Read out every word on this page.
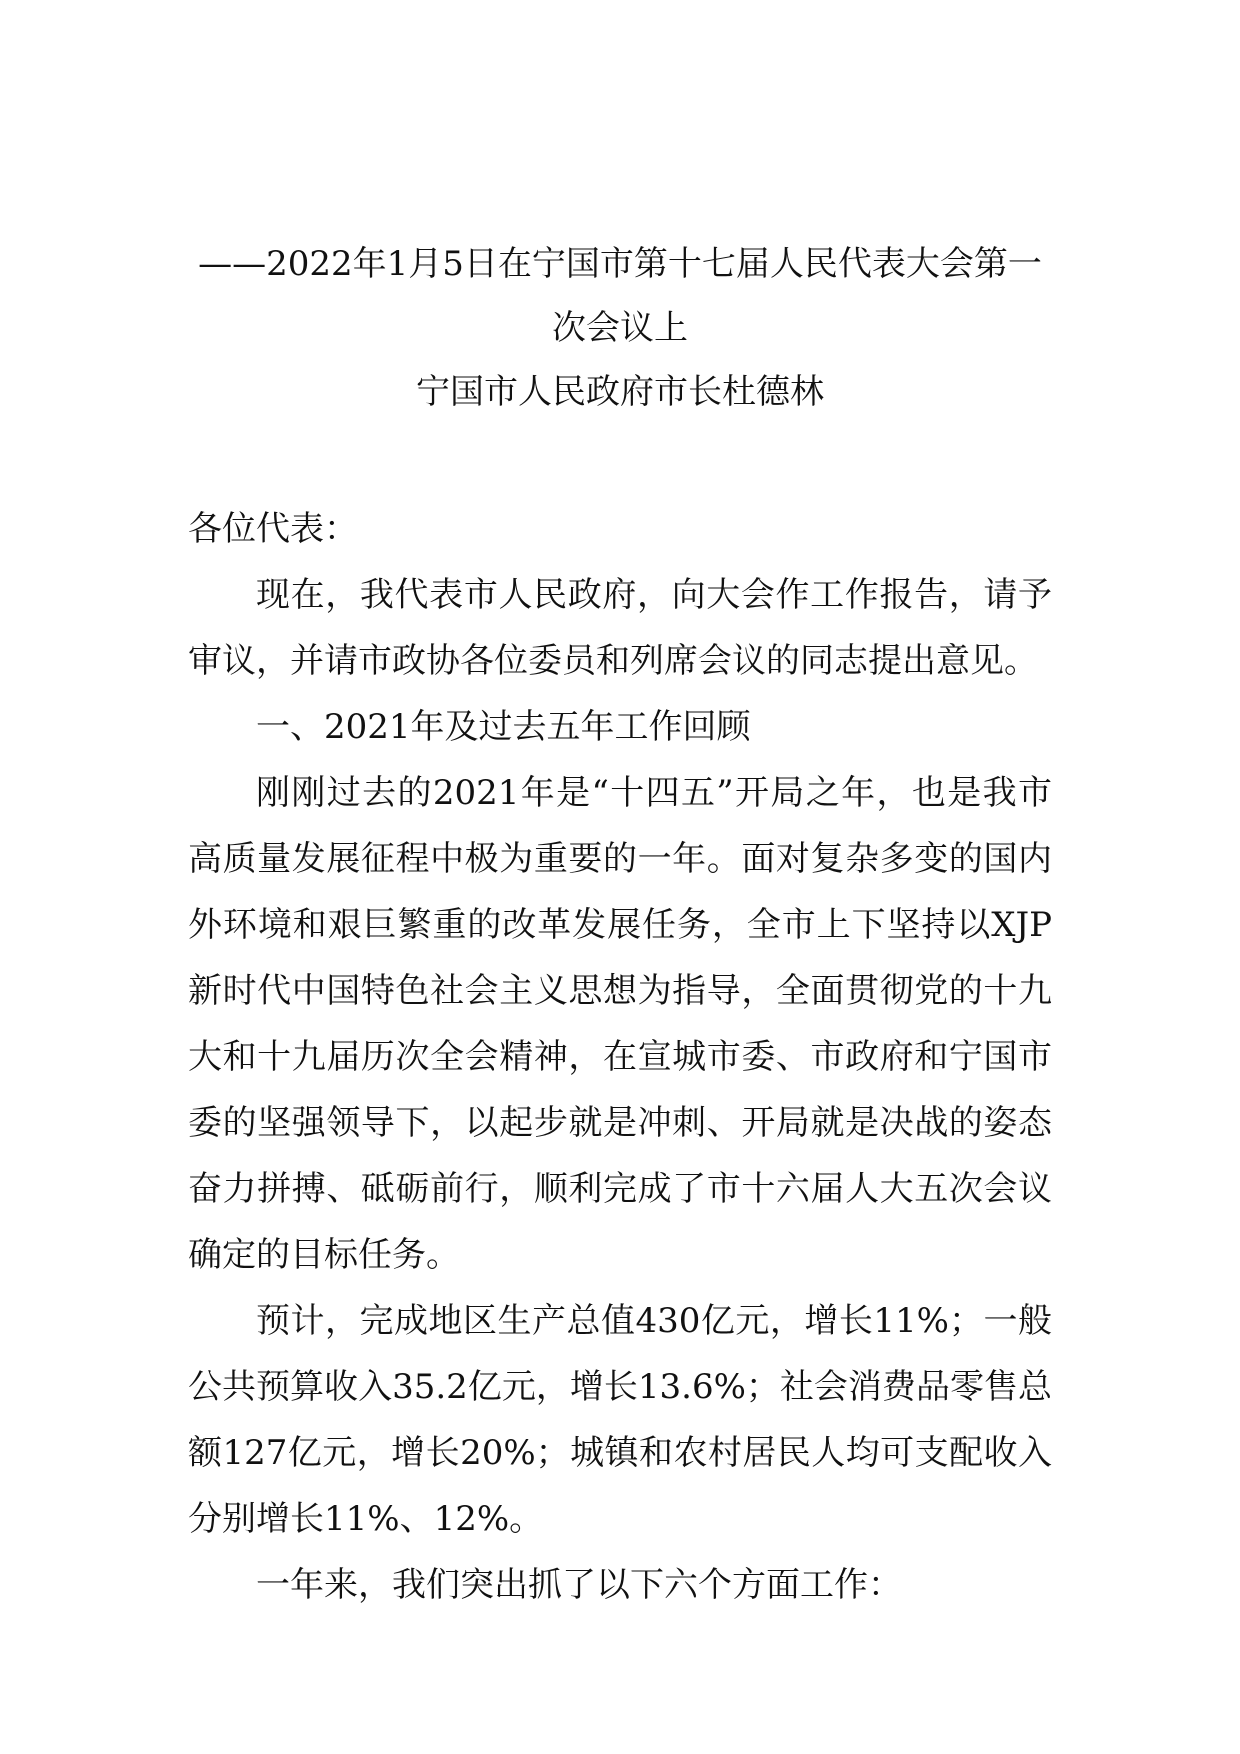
——2022年1月5日在宁国市第十七届人民代表大会第一次会议上

宁国市人民政府市长杜德林

各位代表：

现在，我代表市人民政府，向大会作工作报告，请予审议，并请市政协各位委员和列席会议的同志提出意见。

一、2021年及过去五年工作回顾

刚刚过去的2021年是“十四五”开局之年，也是我市高质量发展征程中极为重要的一年。面对复杂多变的国内外环境和艰巨繁重的改革发展任务，全市上下坚持以XJP新时代中国特色社会主义思想为指导，全面贯彻党的十九大和十九届历次全会精神，在宣城市委、市政府和宁国市委的坚强领导下，以起步就是冲刺、开局就是决战的姿态奋力拼搏、砥砺前行，顺利完成了市十六届人大五次会议确定的目标任务。

预计，完成地区生产总值430亿元，增长11%；一般公共预算收入35.2亿元，增长13.6%；社会消费品零售总额127亿元，增长20%；城镇和农村居民人均可支配收入分别增长11%、12%。

一年来，我们突出抓了以下六个方面工作：
